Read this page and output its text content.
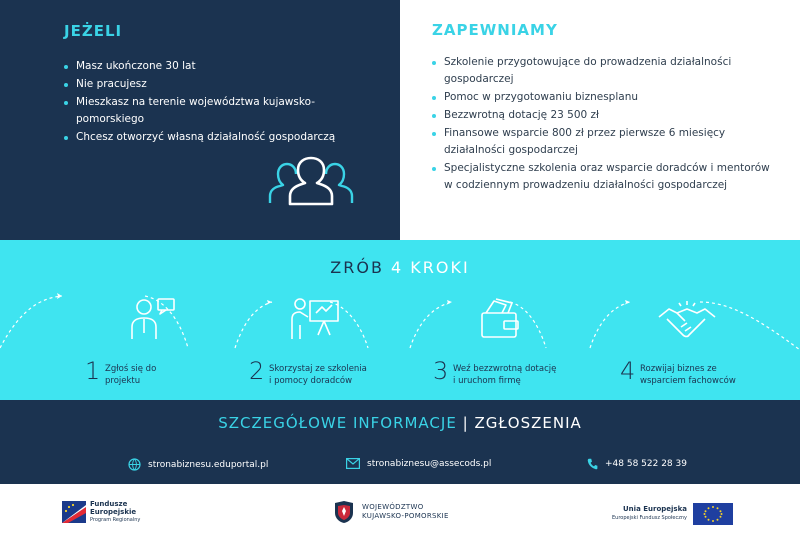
JEŻELI
Masz ukończone 30 lat
Nie pracujesz
Mieszkasz na terenie województwa kujawsko-pomorskiego
Chcesz otworzyć własną działalność gospodarczą
ZAPEWNIAMY
Szkolenie przygotowujące do prowadzenia działalności gospodarczej
Pomoc w przygotowaniu biznesplanu
Bezzwrotną dotację 23 500 zł
Finansowe wsparcie 800 zł przez pierwsze 6 miesięcy działalności gospodarczej
Specjalistyczne szkolenia oraz wsparcie doradców i mentorów w codziennym prowadzeniu działalności gospodarczej
ZRÓB 4 KROKI
1 Zgłoś się do projektu	2 Skorzystaj ze szkolenia i pomocy doradców	3 Weź bezzwrotną dotację i uruchom firmę	4 Rozwijaj biznes ze wsparciem fachowców
SZCZEGÓŁOWE INFORMACJE | ZGŁOSZENIA
stronabiznesu.eduportal.pl	stronabiznesu@assecods.pl	+48 58 522 28 39
Fundusze
Europejskie
Program Regionalny
WOJEWÓDZTWO
KUJAWSKO-POMORSKIE
Unia Europejska
Europejski Fundusz Społeczny
